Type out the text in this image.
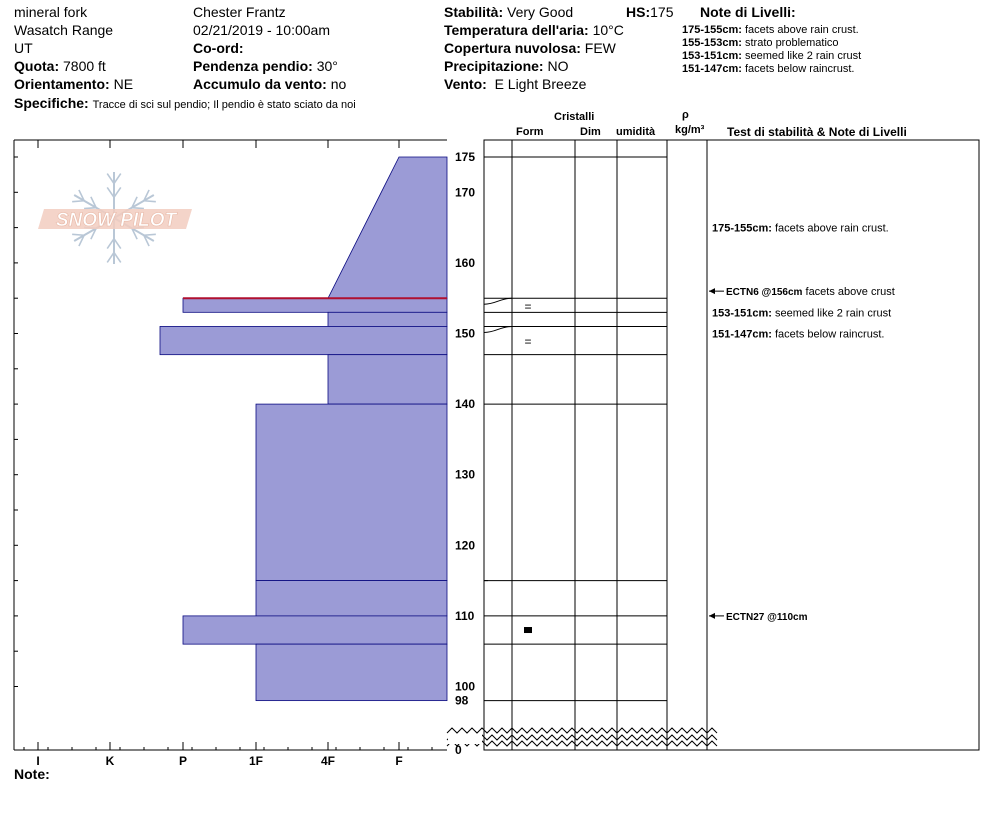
mineral fork
Wasatch Range
UT
Quota: 7800 ft
Orientamento: NE
Specifiche: Tracce di sci sul pendio; Il pendio è stato sciato da noi
Chester Frantz
02/21/2019 - 10:00am
Co-ord:
Pendenza pendio: 30°
Accumulo da vento: no
Stabilità: Very Good	HS:175
Temperatura dell'aria: 10°C
Copertura nuvolosa: FEW
Precipitazione: NO
Vento: E Light Breeze
Note di Livelli:
175-155cm: facets above rain crust.
155-153cm: strato problematico
153-151cm: seemed like 2 rain crust
151-147cm: facets below raincrust.
Cristalli
Form	Dim umidità
ρ
kg/m³ Test di stabilità & Note di Livelli
SNOW PILOT
I	K	P	1F	4F	F
175
170
160
150
140
130
120
110
100
98
0
=
=
175-155cm: facets above rain crust.
153-151cm: seemed like 2 rain crust
151-147cm: facets below raincrust.
ECTN6 @156cm facets above crust
ECTN27 @110cm
Note:
